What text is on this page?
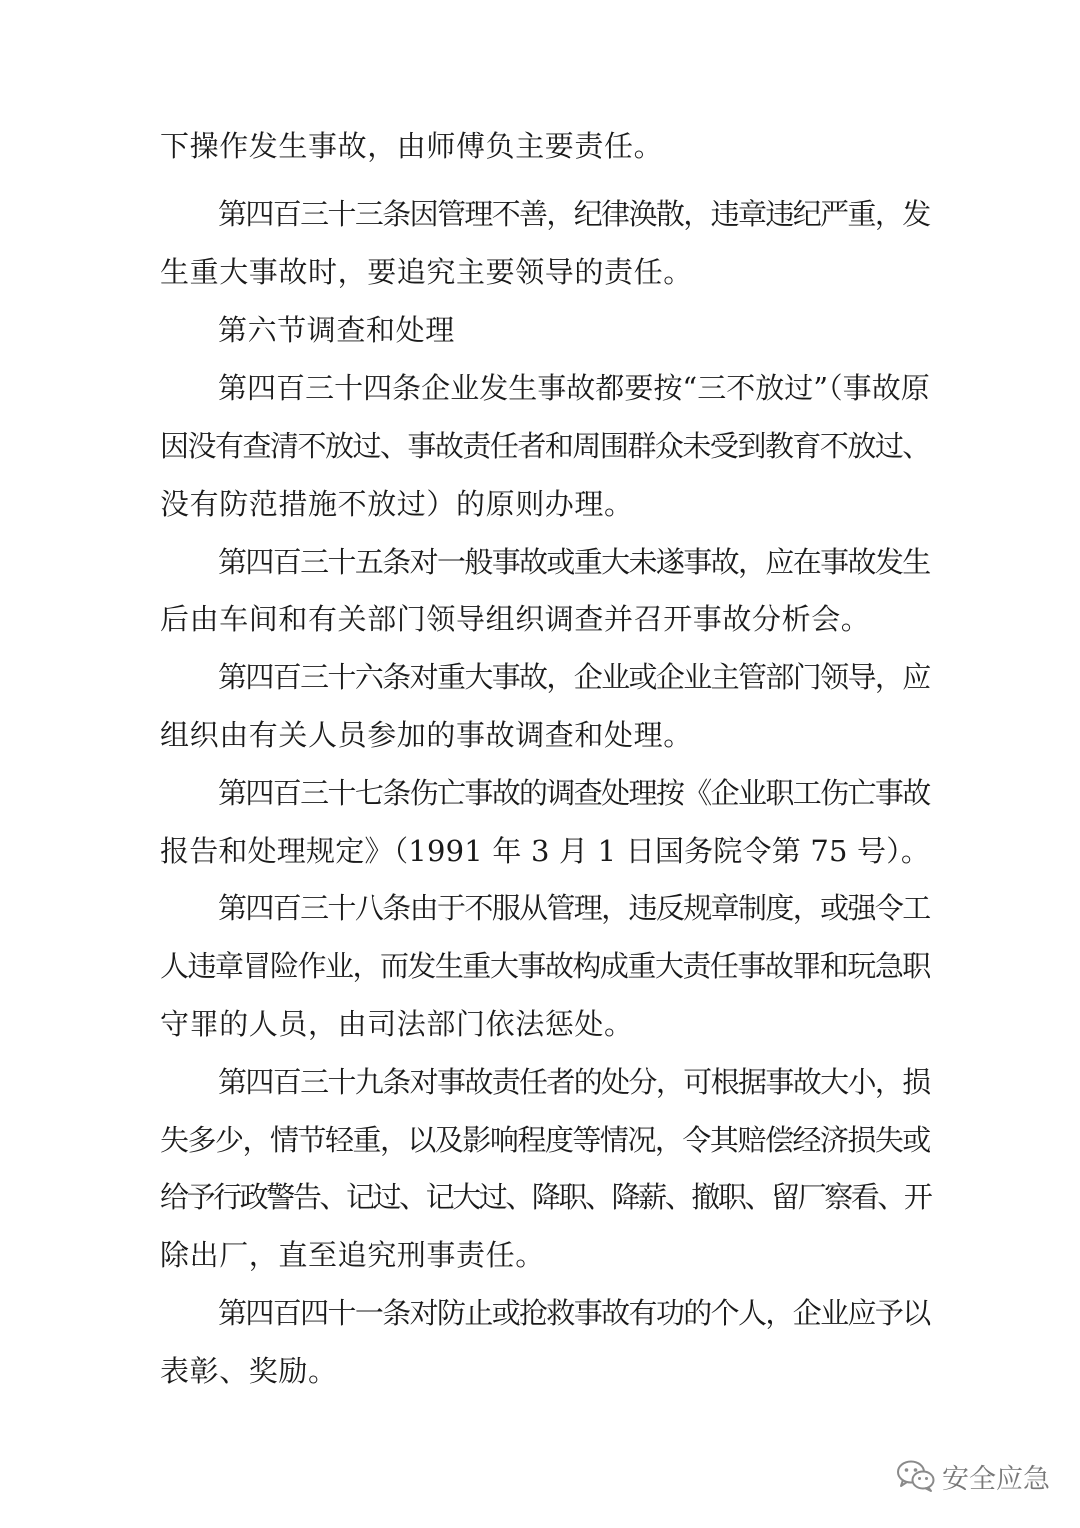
下操作发生事故，由师傅负主要责任。
第四百三十三条因管理不善，纪律涣散，违章违纪严重，发
生重大事故时，要追究主要领导的责任。
第六节调查和处理
第四百三十四条企业发生事故都要按“三不放过”（事故原
因没有查清不放过、事故责任者和周围群众未受到教育不放过、
没有防范措施不放过）的原则办理。
第四百三十五条对一般事故或重大未遂事故，应在事故发生
后由车间和有关部门领导组织调查并召开事故分析会。
第四百三十六条对重大事故，企业或企业主管部门领导，应
组织由有关人员参加的事故调查和处理。
第四百三十七条伤亡事故的调查处理按《企业职工伤亡事故
报告和处理规定》（1991 年 3 月 1 日国务院令第 75 号）。
第四百三十八条由于不服从管理，违反规章制度，或强令工
人违章冒险作业，而发生重大事故构成重大责任事故罪和玩急职
守罪的人员，由司法部门依法惩处。
第四百三十九条对事故责任者的处分，可根据事故大小，损
失多少，情节轻重，以及影响程度等情况，令其赔偿经济损失或
给予行政警告、记过、记大过、降职、降薪、撤职、留厂察看、开
除出厂，直至追究刑事责任。
第四百四十一条对防止或抢救事故有功的个人，企业应予以
表彰、奖励。
安全应急
